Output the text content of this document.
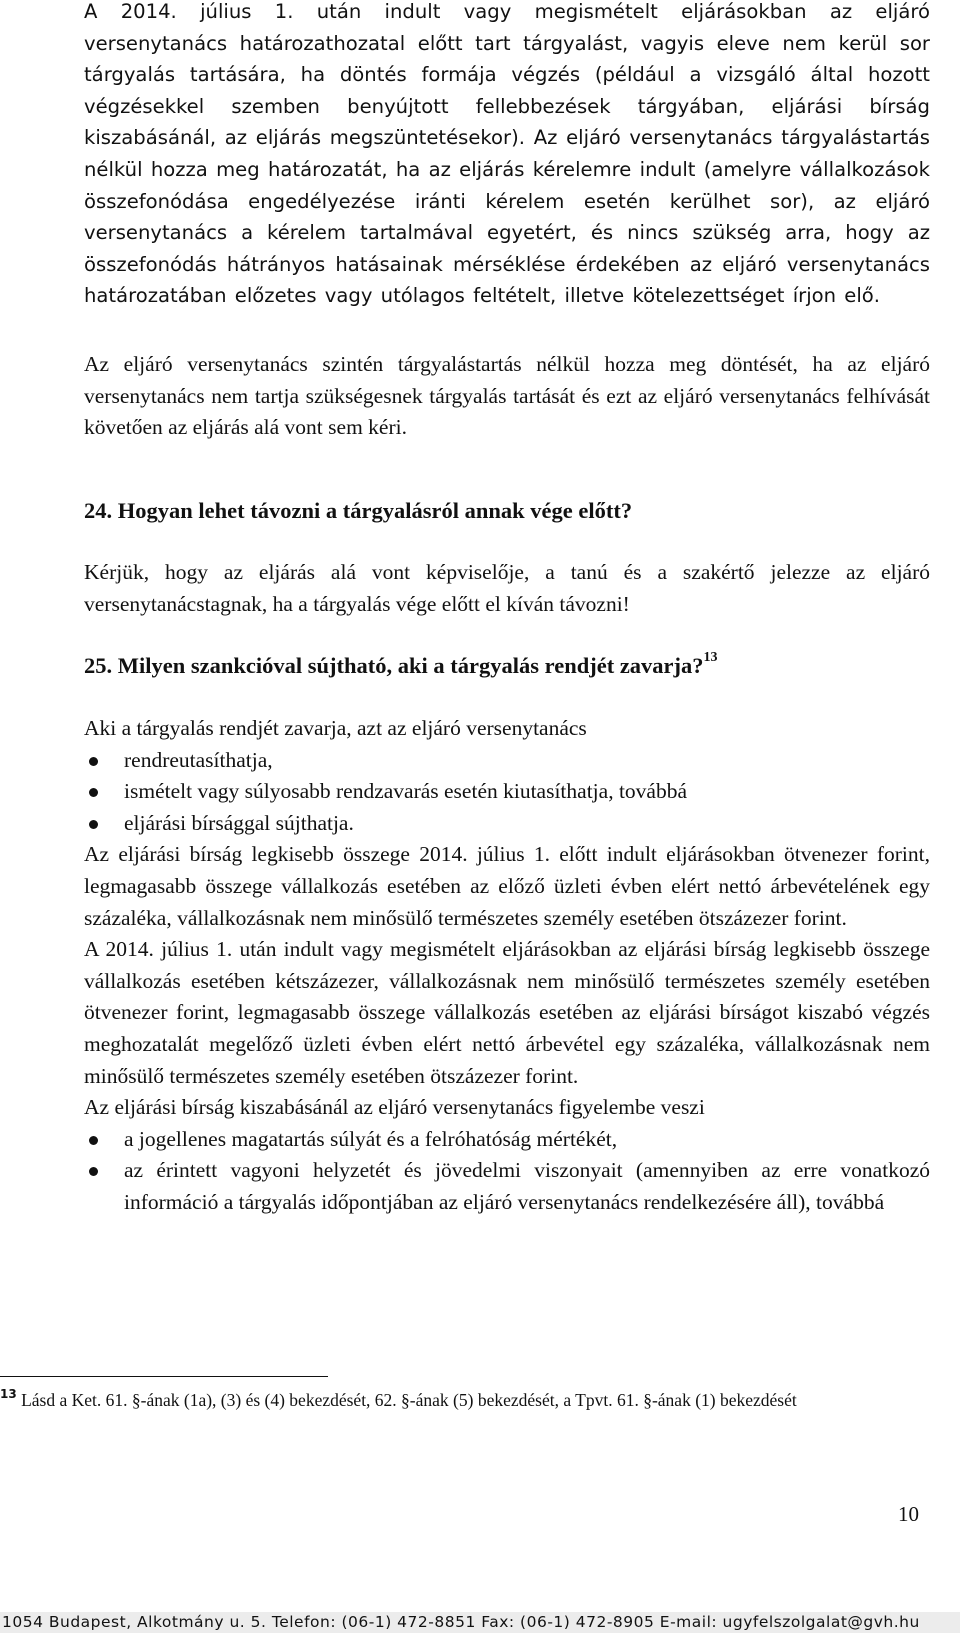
A 2014. július 1. után indult vagy megismételt eljárásokban az eljáró versenytanács határozathozatal előtt tart tárgyalást, vagyis eleve nem kerül sor tárgyalás tartására, ha döntés formája végzés (például a vizsgáló által hozott végzésekkel szemben benyújtott fellebbezések tárgyában, eljárási bírság kiszabásánál, az eljárás megszüntetésekor). Az eljáró versenytanács tárgyalástartás nélkül hozza meg határozatát, ha az eljárás kérelemre indult (amelyre vállalkozások összefonódása engedélyezése iránti kérelem esetén kerülhet sor), az eljáró versenytanács a kérelem tartalmával egyetért, és nincs szükség arra, hogy az összefonódás hátrányos hatásainak mérséklése érdekében az eljáró versenytanács határozatában előzetes vagy utólagos feltételt, illetve kötelezettséget írjon elő.

Az eljáró versenytanács szintén tárgyalástartás nélkül hozza meg döntését, ha az eljáró versenytanács nem tartja szükségesnek tárgyalás tartását és ezt az eljáró versenytanács felhívását követően az eljárás alá vont sem kéri.

24. Hogyan lehet távozni a tárgyalásról annak vége előtt?

Kérjük, hogy az eljárás alá vont képviselője, a tanú és a szakértő jelezze az eljáró versenytanácstagnak, ha a tárgyalás vége előtt el kíván távozni!

25. Milyen szankcióval sújtható, aki a tárgyalás rendjét zavarja?$^{13}$

Aki a tárgyalás rendjét zavarja, azt az eljáró versenytanács

rendreutasíthatja,
ismételt vagy súlyosabb rendzavarás esetén kiutasíthatja, továbbá
eljárási bírsággal sújthatja.

Az eljárási bírság legkisebb összege 2014. július 1. előtt indult eljárásokban ötvenezer forint, legmagasabb összege vállalkozás esetében az előző üzleti évben elért nettó árbevételének egy százaléka, vállalkozásnak nem minősülő természetes személy esetében ötszázezer forint.

A 2014. július 1. után indult vagy megismételt eljárásokban az eljárási bírság legkisebb összege vállalkozás esetében kétszázezer, vállalkozásnak nem minősülő természetes személy esetében ötvenezer forint, legmagasabb összege vállalkozás esetében az eljárási bírságot kiszabó végzés meghozatalát megelőző üzleti évben elért nettó árbevétel egy százaléka, vállalkozásnak nem minősülő természetes személy esetében ötszázezer forint.

Az eljárási bírság kiszabásánál az eljáró versenytanács figyelembe veszi

a jogellenes magatartás súlyát és a felróhatóság mértékét,
az érintett vagyoni helyzetét és jövedelmi viszonyait (amennyiben az erre vonatkozó információ a tárgyalás időpontjában az eljáró versenytanács rendelkezésére áll), továbbá

$^{13}$ Lásd a Ket. 61. §-ának (1a), (3) és (4) bekezdését, 62. §-ának (5) bekezdését, a Tpvt. 61. §-ának (1) bekezdését

10
1054 Budapest, Alkotmány u. 5. Telefon: (06-1) 472-8851 Fax: (06-1) 472-8905 E-mail: ugyfelszolgalat@gvh.hu
